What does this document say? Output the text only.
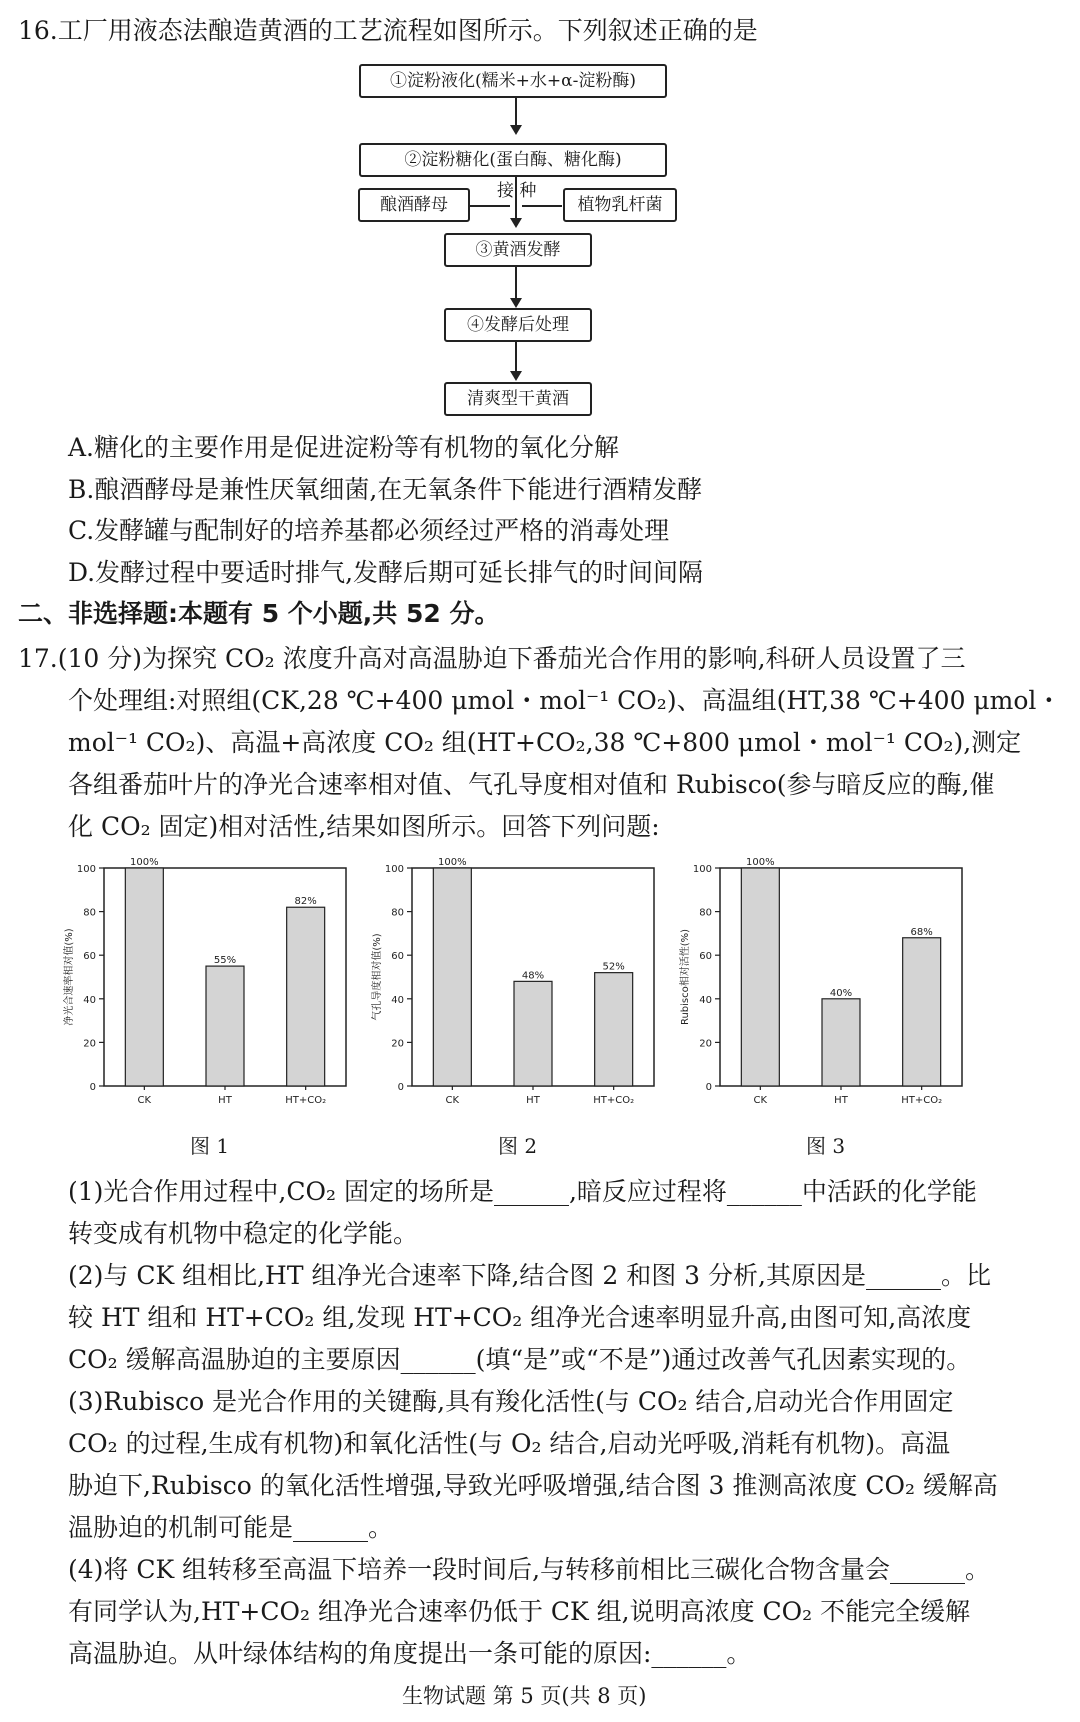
16.工厂用液态法酿造黄酒的工艺流程如图所示。下列叙述正确的是
①淀粉液化(糯米+水+α-淀粉酶)
②淀粉糖化(蛋白酶、糖化酶)
酿酒酵母	植物乳杆菌
接 种
③黄酒发酵
④发酵后处理
清爽型干黄酒
A.糖化的主要作用是促进淀粉等有机物的氧化分解
B.酿酒酵母是兼性厌氧细菌,在无氧条件下能进行酒精发酵
C.发酵罐与配制好的培养基都必须经过严格的消毒处理
D.发酵过程中要适时排气,发酵后期可延长排气的时间间隔
二、非选择题:本题有 5 个小题,共 52 分。
17.(10 分)为探究 CO₂ 浓度升高对高温胁迫下番茄光合作用的影响,科研人员设置了三
个处理组:对照组(CK,28 ℃+400 μmol・mol⁻¹ CO₂)、高温组(HT,38 ℃+400 μmol・
mol⁻¹ CO₂)、高温+高浓度 CO₂ 组(HT+CO₂,38 ℃+800 μmol・mol⁻¹ CO₂),测定
各组番茄叶片的净光合速率相对值、气孔导度相对值和 Rubisco(参与暗反应的酶,催
化 CO₂ 固定)相对活性,结果如图所示。回答下列问题:
0
20
40
60
80
100
净光合速率相对值(%)
100%
CK
55%
HT
82%
HT+CO₂
0
20
40
60
80
100
气孔导度相对值(%)
100%
CK
48%
HT
52%
HT+CO₂
0
20
40
60
80
100
Rubisco相对活性(%)
100%
CK
40%
HT
68%
HT+CO₂
图 1	图 2	图 3
(1)光合作用过程中,CO₂ 固定的场所是______,暗反应过程将______中活跃的化学能
转变成有机物中稳定的化学能。
(2)与 CK 组相比,HT 组净光合速率下降,结合图 2 和图 3 分析,其原因是______。比
较 HT 组和 HT+CO₂ 组,发现 HT+CO₂ 组净光合速率明显升高,由图可知,高浓度
CO₂ 缓解高温胁迫的主要原因______(填“是”或“不是”)通过改善气孔因素实现的。
(3)Rubisco 是光合作用的关键酶,具有羧化活性(与 CO₂ 结合,启动光合作用固定
CO₂ 的过程,生成有机物)和氧化活性(与 O₂ 结合,启动光呼吸,消耗有机物)。高温
胁迫下,Rubisco 的氧化活性增强,导致光呼吸增强,结合图 3 推测高浓度 CO₂ 缓解高
温胁迫的机制可能是______。
(4)将 CK 组转移至高温下培养一段时间后,与转移前相比三碳化合物含量会______。
有同学认为,HT+CO₂ 组净光合速率仍低于 CK 组,说明高浓度 CO₂ 不能完全缓解
高温胁迫。从叶绿体结构的角度提出一条可能的原因:______。
生物试题 第 5 页(共 8 页)
